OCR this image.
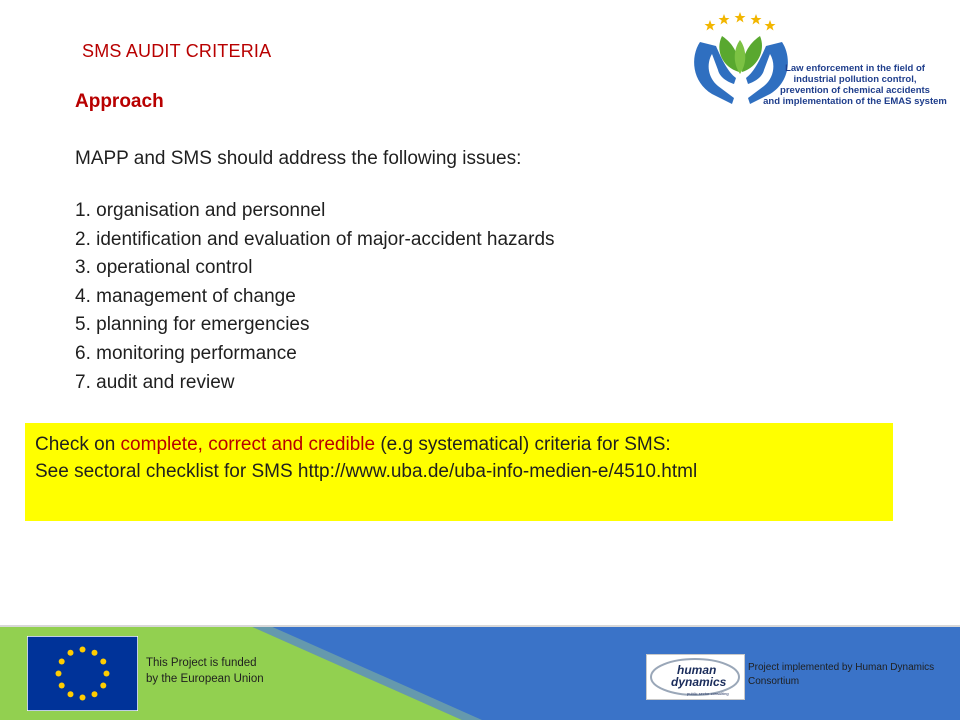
SMS AUDIT CRITERIA
Law enforcement in the field of
industrial pollution control,
prevention of chemical accidents
and implementation of the EMAS system
Approach
MAPP and SMS should address the following issues:
1. organisation and personnel
2. identification and evaluation of major-accident hazards
3. operational control
4. management of change
5. planning for emergencies
6. monitoring performance
7. audit and review
Check on complete, correct and credible (e.g systematical) criteria for SMS:
See sectoral checklist for SMS http://www.uba.de/uba-info-medien-e/4510.html
This Project is funded
by the European Union
human
dynamics
public sector consulting
Project implemented by Human Dynamics Consortium
